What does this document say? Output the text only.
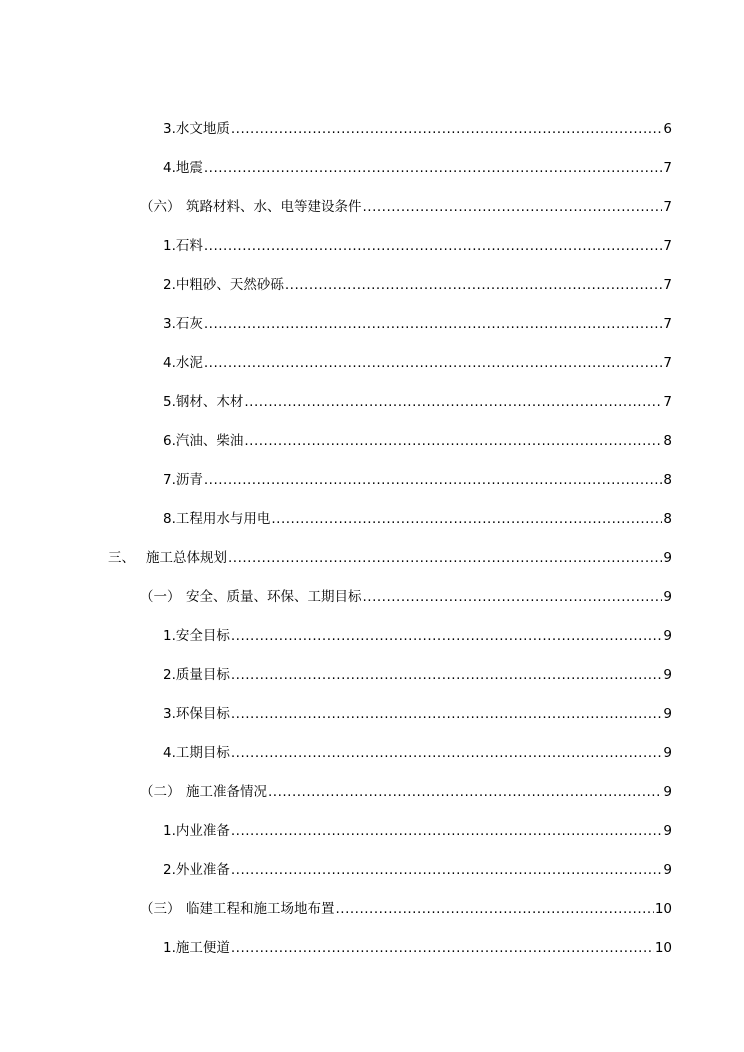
3.水文地质 .....	6
4.地震 .....	7
（六） 筑路材料、水、电等建设条件 .....	7
1.石料 .....	7
2.中粗砂、天然砂砾 .....	7
3.石灰 .....	7
4.水泥 .....	7
5.钢材、木材 .....	7
6.汽油、柴油 .....	8
7.沥青 .....	8
8.工程用水与用电 .....	8
三、 施工总体规划 .....	9
（一） 安全、质量、环保、工期目标 .....	9
1.安全目标 .....	9
2.质量目标 .....	9
3.环保目标 .....	9
4.工期目标 .....	9
（二） 施工准备情况 .....	9
1.内业准备 .....	9
2.外业准备 .....	9
（三） 临建工程和施工场地布置 .....	10
1.施工便道 .....	10
